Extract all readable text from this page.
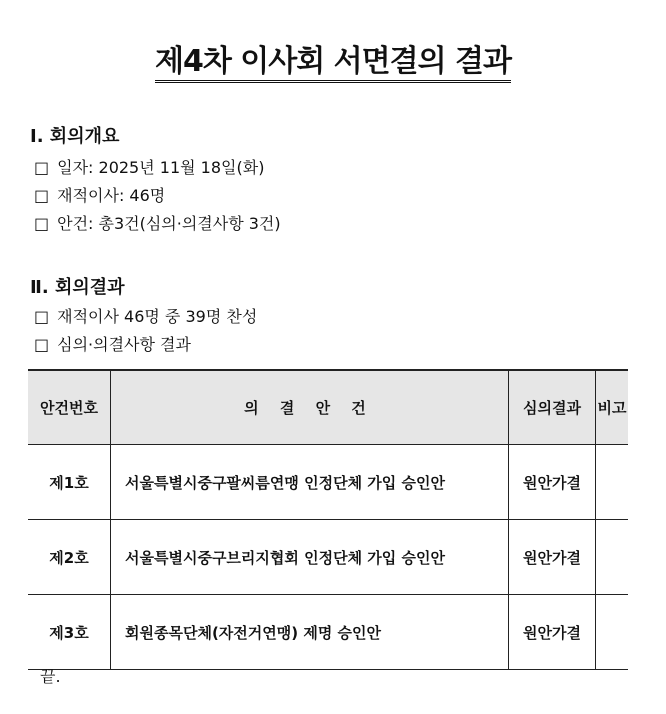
제4차 이사회 서면결의 결과
Ⅰ. 회의개요
□ 일자: 2025년 11월 18일(화)
□ 재적이사: 46명
□ 안건: 총3건(심의·의결사항 3건)
Ⅱ. 회의결과
□ 재적이사 46명 중 39명 찬성
□ 심의·의결사항 결과
안건번호	의 결 안 건	심의결과	비고
제1호	서울특별시중구팔씨름연맹 인정단체 가입 승인안	원안가결	
제2호	서울특별시중구브리지협회 인정단체 가입 승인안	원안가결	
제3호	회원종목단체(자전거연맹) 제명 승인안	원안가결	
끝.
